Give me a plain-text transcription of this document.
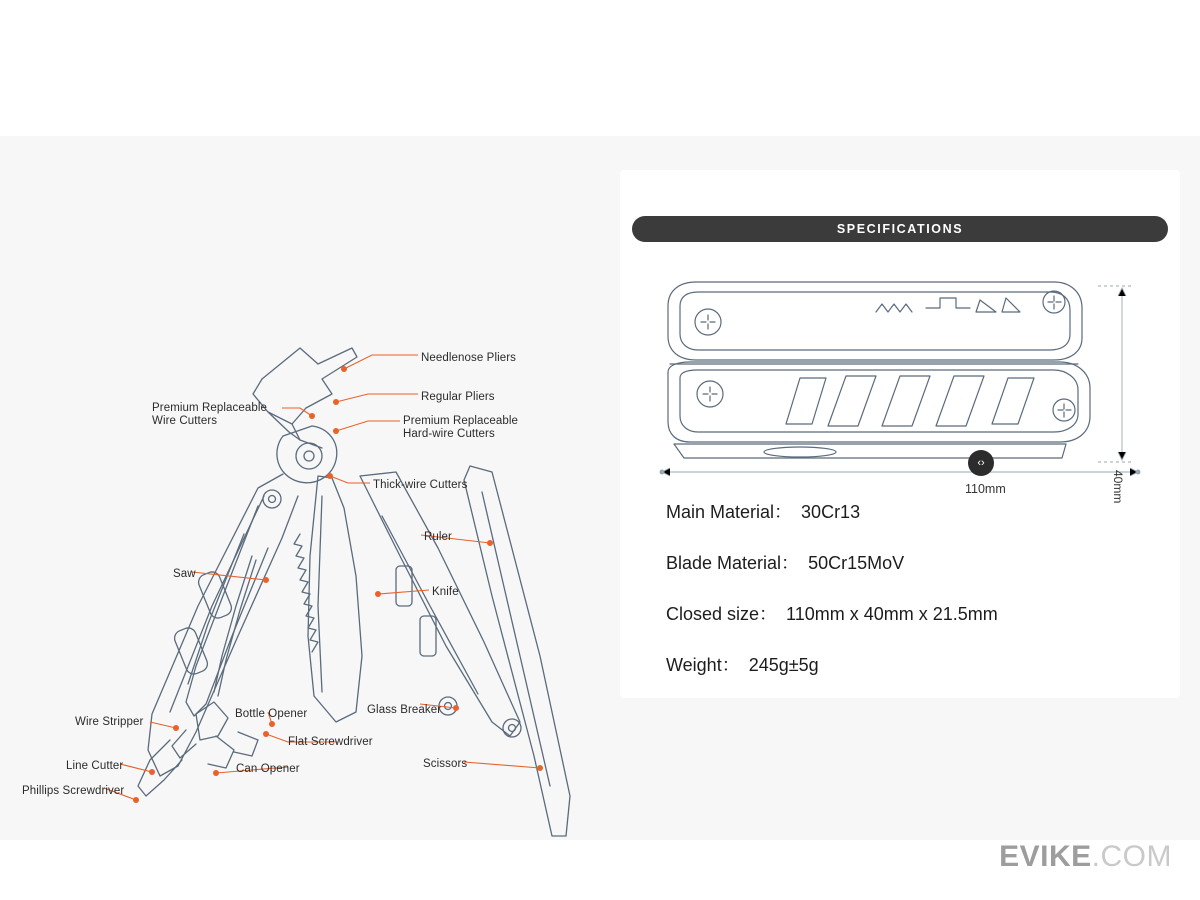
Needlenose Pliers
Regular Pliers
Premium Replaceable Wire Cutters	Premium Replaceable Hard-wire Cutters
Thick-wire Cutters
Ruler
Saw
Knife
Wire Stripper
Bottle Opener	Glass Breaker
Flat Screwdriver
Line Cutter	Can Opener	Scissors
Phillips Screwdriver
SPECIFICATIONS
40mm
‹›
110mm
Main Material： 30Cr13
Blade Material： 50Cr15MoV
Closed size： 110mm x 40mm x 21.5mm
Weight： 245g±5g
EVIKE.COM
